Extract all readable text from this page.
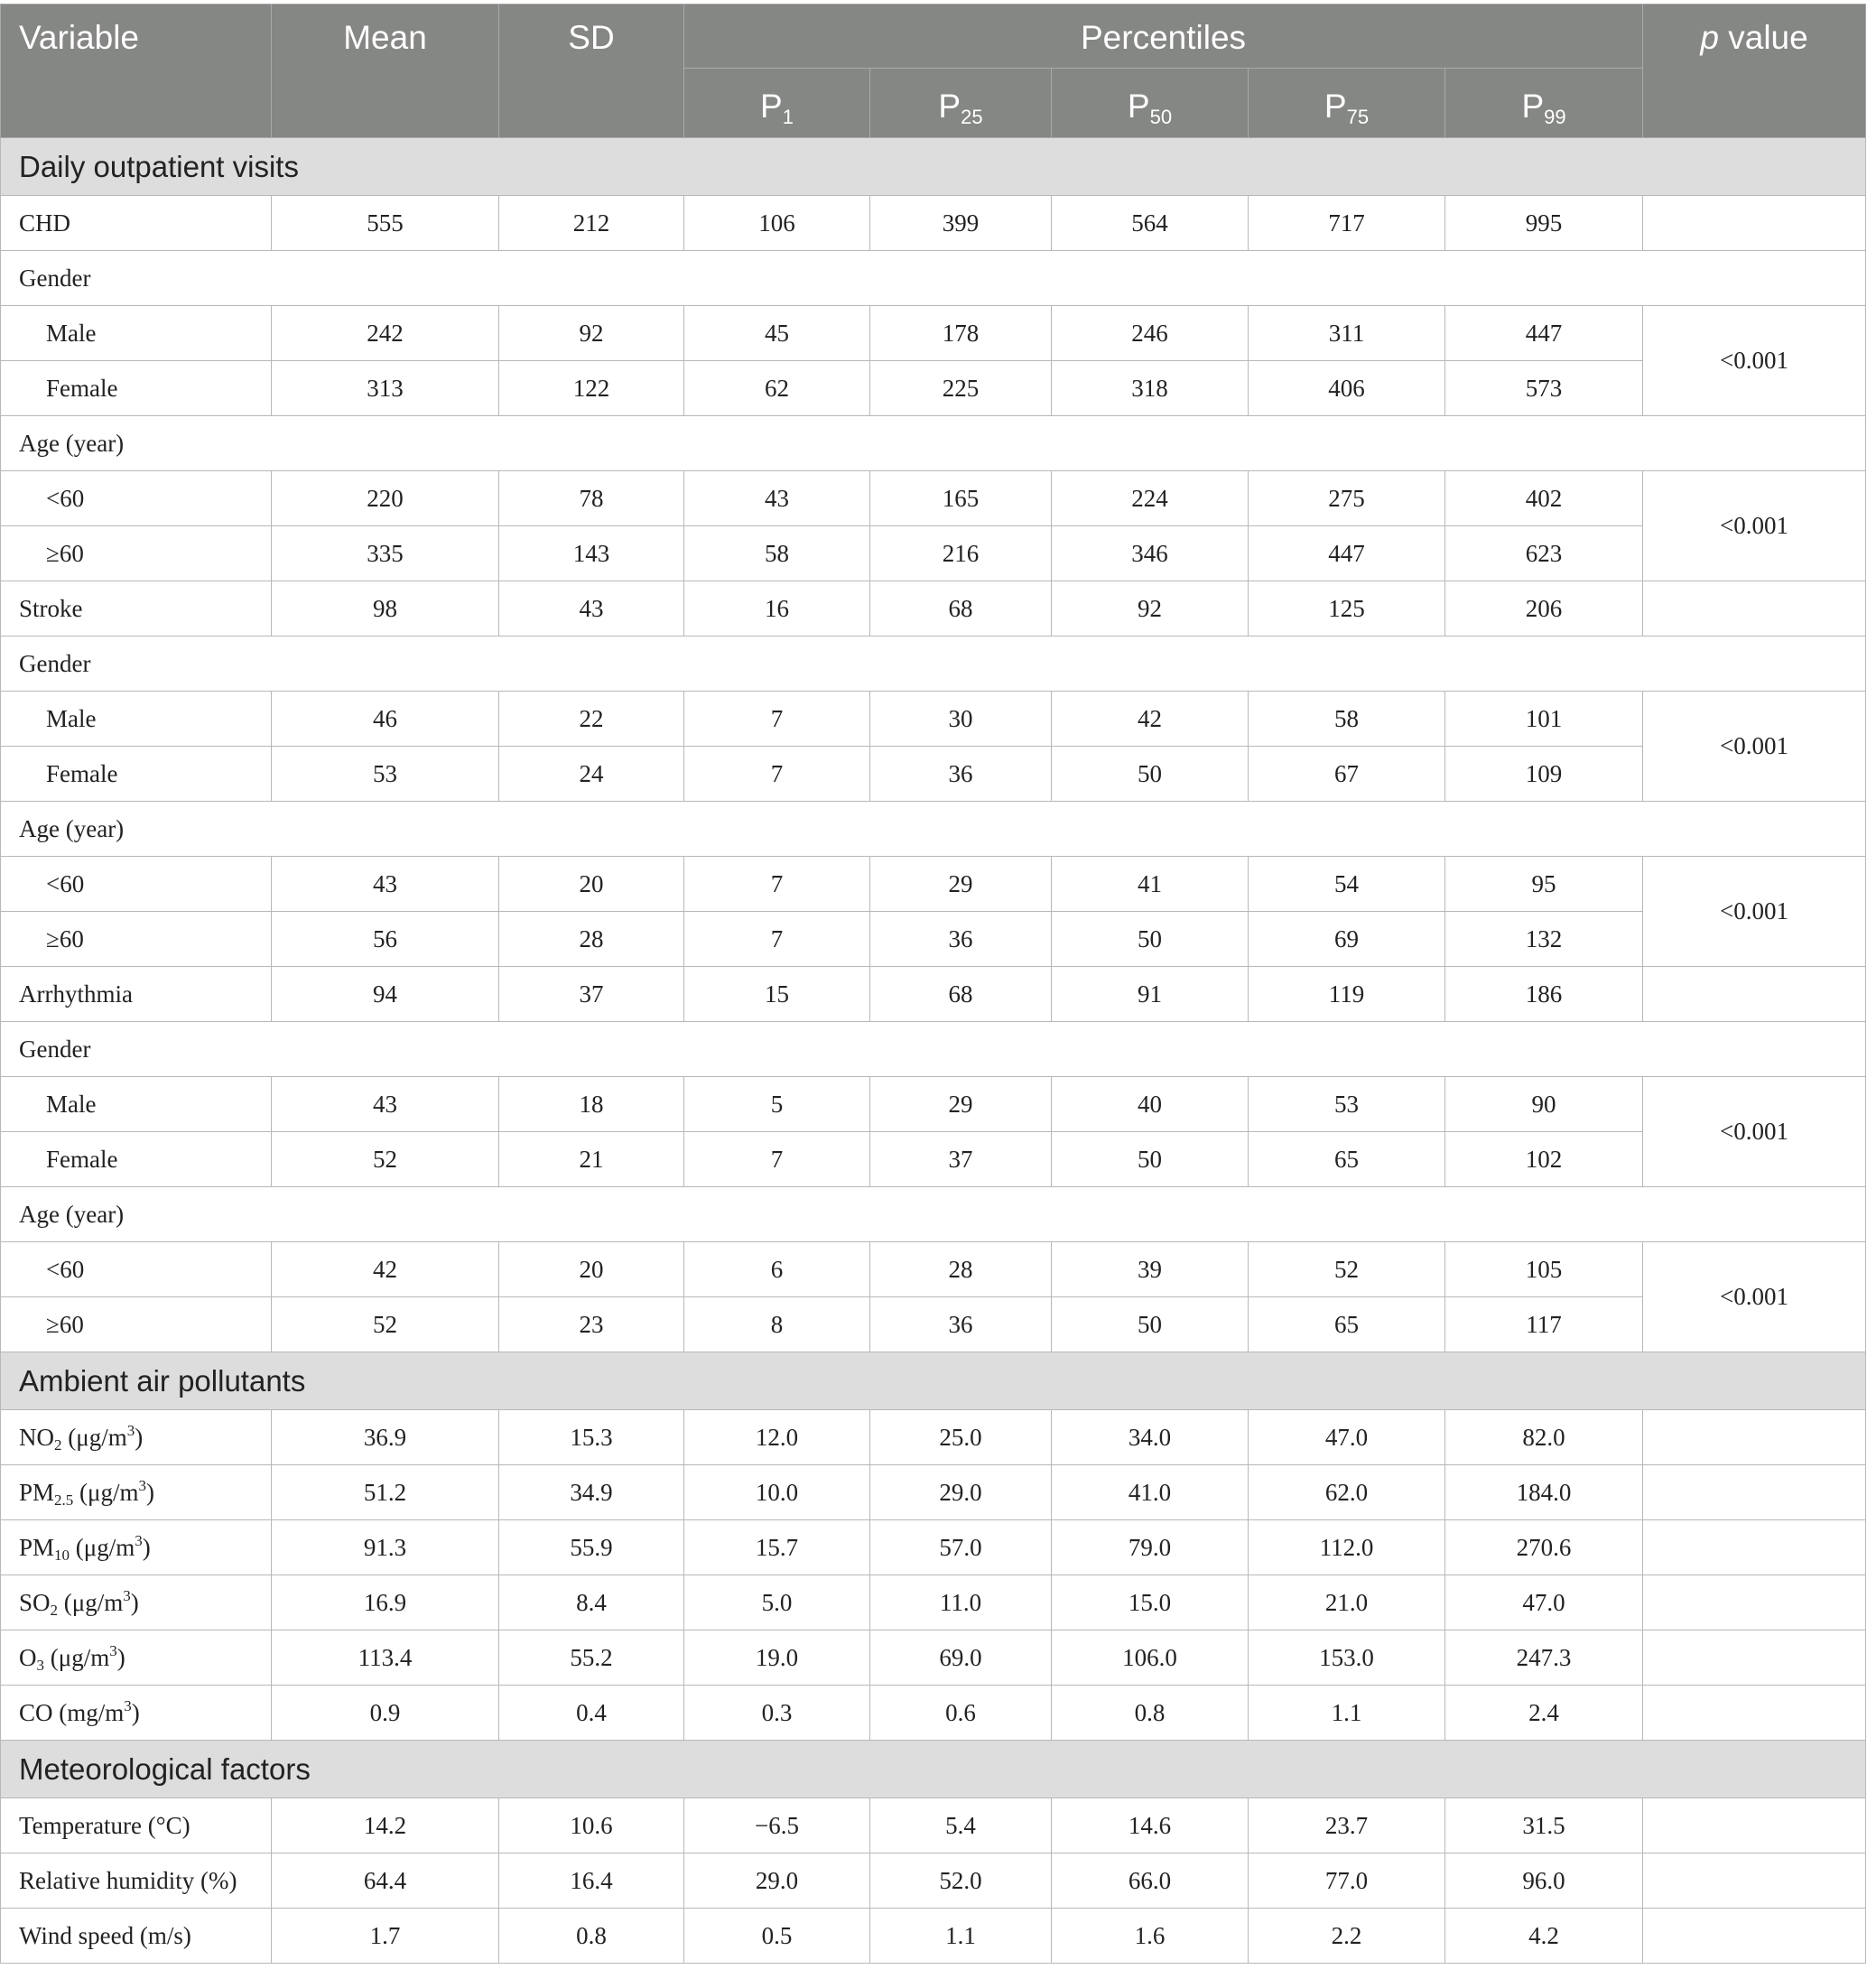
Variable	Mean	SD	Percentiles					p value
			$P_1$	$P_{25}$	$P_{50}$	$P_{75}$	$P_{99}$
Daily outpatient visits								
CHD	555	212	106	399	564	717	995	
Gender								
Male	242	92	45	178	246	311	447	<0.001
Female	313	122	62	225	318	406	573	
Age (year)								
<60	220	78	43	165	224	275	402	<0.001
≥60	335	143	58	216	346	447	623	
Stroke	98	43	16	68	92	125	206	
Gender								
Male	46	22	7	30	42	58	101	<0.001
Female	53	24	7	36	50	67	109	
Age (year)								
<60	43	20	7	29	41	54	95	<0.001
≥60	56	28	7	36	50	69	132	
Arrhythmia	94	37	15	68	91	119	186	
Gender								
Male	43	18	5	29	40	53	90	<0.001
Female	52	21	7	37	50	65	102	
Age (year)								
<60	42	20	6	28	39	52	105	<0.001
≥60	52	23	8	36	50	65	117	
Ambient air pollutants								
$NO_2$ $(\mu g/m^3)$	36.9	15.3	12.0	25.0	34.0	47.0	82.0	
$PM_{2.5}$ $(\mu g/m^3)$	51.2	34.9	10.0	29.0	41.0	62.0	184.0	
$PM_{10}$ $(\mu g/m^3)$	91.3	55.9	15.7	57.0	79.0	112.0	270.6	
$SO_2$ $(\mu g/m^3)$	16.9	8.4	5.0	11.0	15.0	21.0	47.0	
$O_3$ $(\mu g/m^3)$	113.4	55.2	19.0	69.0	106.0	153.0	247.3	
CO $(mg/m^3)$	0.9	0.4	0.3	0.6	0.8	1.1	2.4	
Meteorological factors								
Temperature (°C)	14.2	10.6	−6.5	5.4	14.6	23.7	31.5	
Relative humidity (%)	64.4	16.4	29.0	52.0	66.0	77.0	96.0	
Wind speed (m/s)	1.7	0.8	0.5	1.1	1.6	2.2	4.2	
